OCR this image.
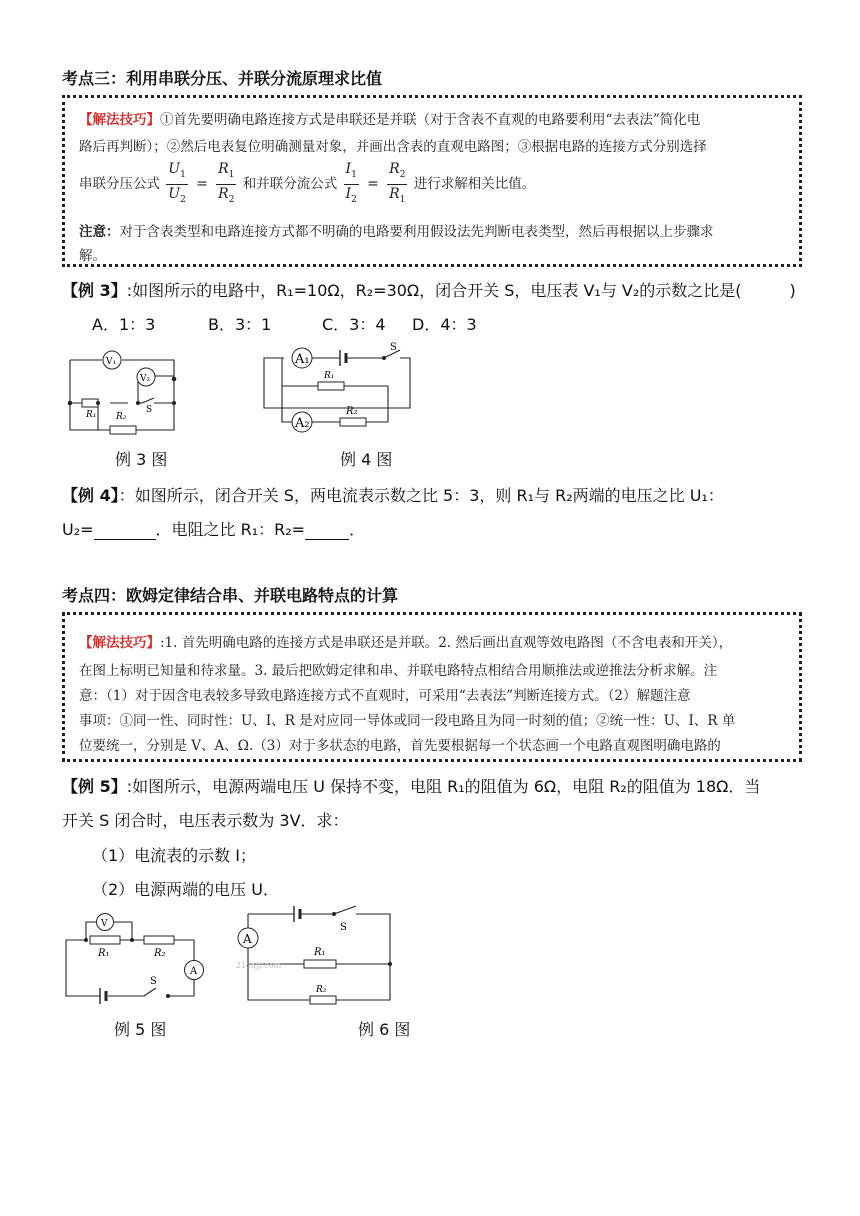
考点三：利用串联分压、并联分流原理求比值
【解法技巧】①首先要明确电路连接方式是串联还是并联（对于含表不直观的电路要利用“去表法”简化电
路后再判断）；②然后电表复位明确测量对象，并画出含表的直观电路图；③根据电路的连接方式分别选择
串联分压公式 $\frac{U_1}{U_2} = \frac{R_1}{R_2}$ 和并联分流公式 $\frac{I_1}{I_2} = \frac{R_2}{R_1}$ 进行求解相关比值。
注意：对于含表类型和电路连接方式都不明确的电路要利用假设法先判断电表类型，然后再根据以上步骤求
解。
【例 3】:如图所示的电路中，R₁=10Ω，R₂=30Ω，闭合开关 S，电压表 V₁与 V₂的示数之比是(　　　)
A．1：3	B．3：1	C．3：4 D．4：3
V₁
V₂
R₁ R₂
S
例 3 图
A₁
A₂
R₁
R₂
S
例 4 图
【例 4】：如图所示，闭合开关 S，两电流表示数之比 5：3，则 R₁与 R₂两端的电压之比 U₁：
U₂=	．电阻之比 R₁：R₂=	．
考点四：欧姆定律结合串、并联电路特点的计算
【解法技巧】:1. 首先明确电路的连接方式是串联还是并联。2. 然后画出直观等效电路图（不含电表和开关），
在图上标明已知量和待求量。3. 最后把欧姆定律和串、并联电路特点相结合用顺推法或逆推法分析求解。注
意：（1）对于因含电表较多导致电路连接方式不直观时，可采用“去表法”判断连接方式。（2）解题注意
事项：①同一性、同时性：U、I、R 是对应同一导体或同一段电路且为同一时刻的值；②统一性：U、I、R 单
位要统一，分别是 V、A、Ω.（3）对于多状态的电路，首先要根据每一个状态画一个电路直观图明确电路的
【例 5】:如图所示，电源两端电压 U 保持不变，电阻 R₁的阻值为 6Ω，电阻 R₂的阻值为 18Ω．当
开关 S 闭合时，电压表示数为 3V．求：
（1）电流表的示数 I；
（2）电源两端的电压 U．
V
A
R₁	R₂
S
例 5 图
A
R₁
R₂
S
21cnjy.com
例 6 图
